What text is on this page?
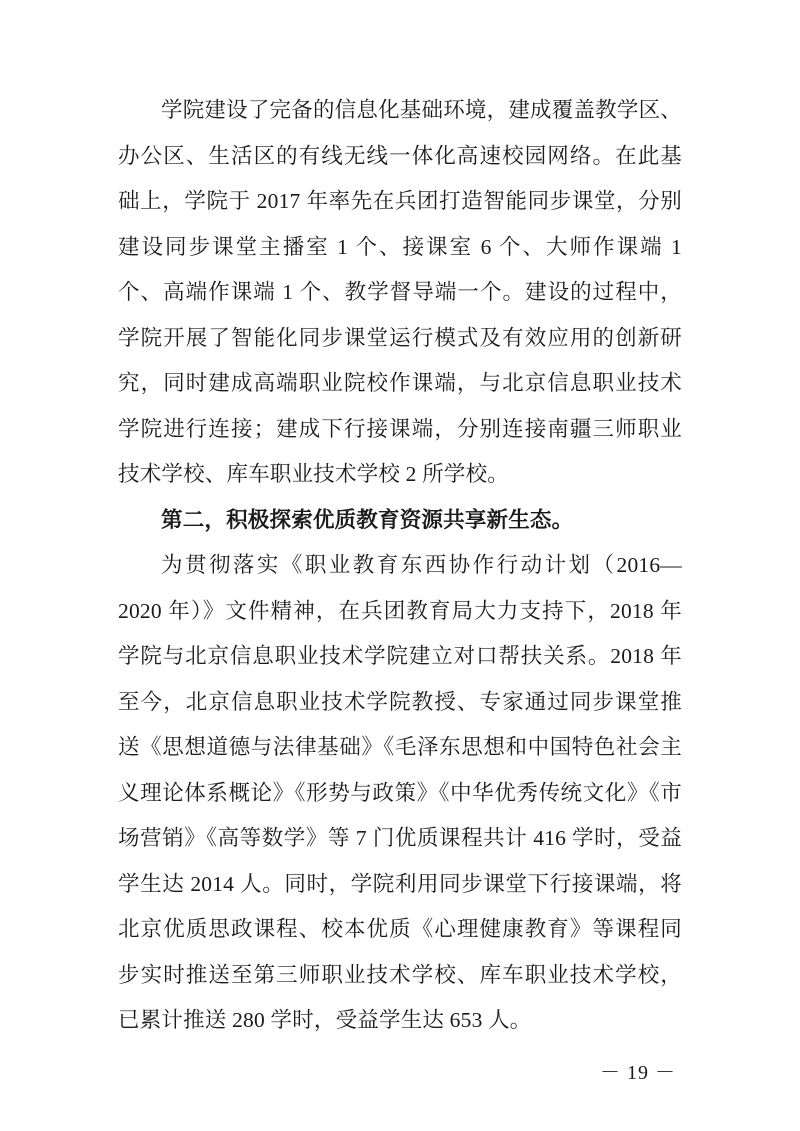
学院建设了完备的信息化基础环境，建成覆盖教学区、办公区、生活区的有线无线一体化高速校园网络。在此基础上，学院于 2017 年率先在兵团打造智能同步课堂，分别建设同步课堂主播室 1 个、接课室 6 个、大师作课端 1 个、高端作课端 1 个、教学督导端一个。建设的过程中，学院开展了智能化同步课堂运行模式及有效应用的创新研究，同时建成高端职业院校作课端，与北京信息职业技术学院进行连接；建成下行接课端，分别连接南疆三师职业技术学校、库车职业技术学校 2 所学校。

第二，积极探索优质教育资源共享新生态。

为贯彻落实《职业教育东西协作行动计划（2016—2020 年）》文件精神，在兵团教育局大力支持下，2018 年学院与北京信息职业技术学院建立对口帮扶关系。2018 年至今，北京信息职业技术学院教授、专家通过同步课堂推送《思想道德与法律基础》《毛泽东思想和中国特色社会主义理论体系概论》《形势与政策》《中华优秀传统文化》《市场营销》《高等数学》等 7 门优质课程共计 416 学时，受益学生达 2014 人。同时，学院利用同步课堂下行接课端，将北京优质思政课程、校本优质《心理健康教育》等课程同步实时推送至第三师职业技术学校、库车职业技术学校，已累计推送 280 学时，受益学生达 653 人。

－ 19 －
